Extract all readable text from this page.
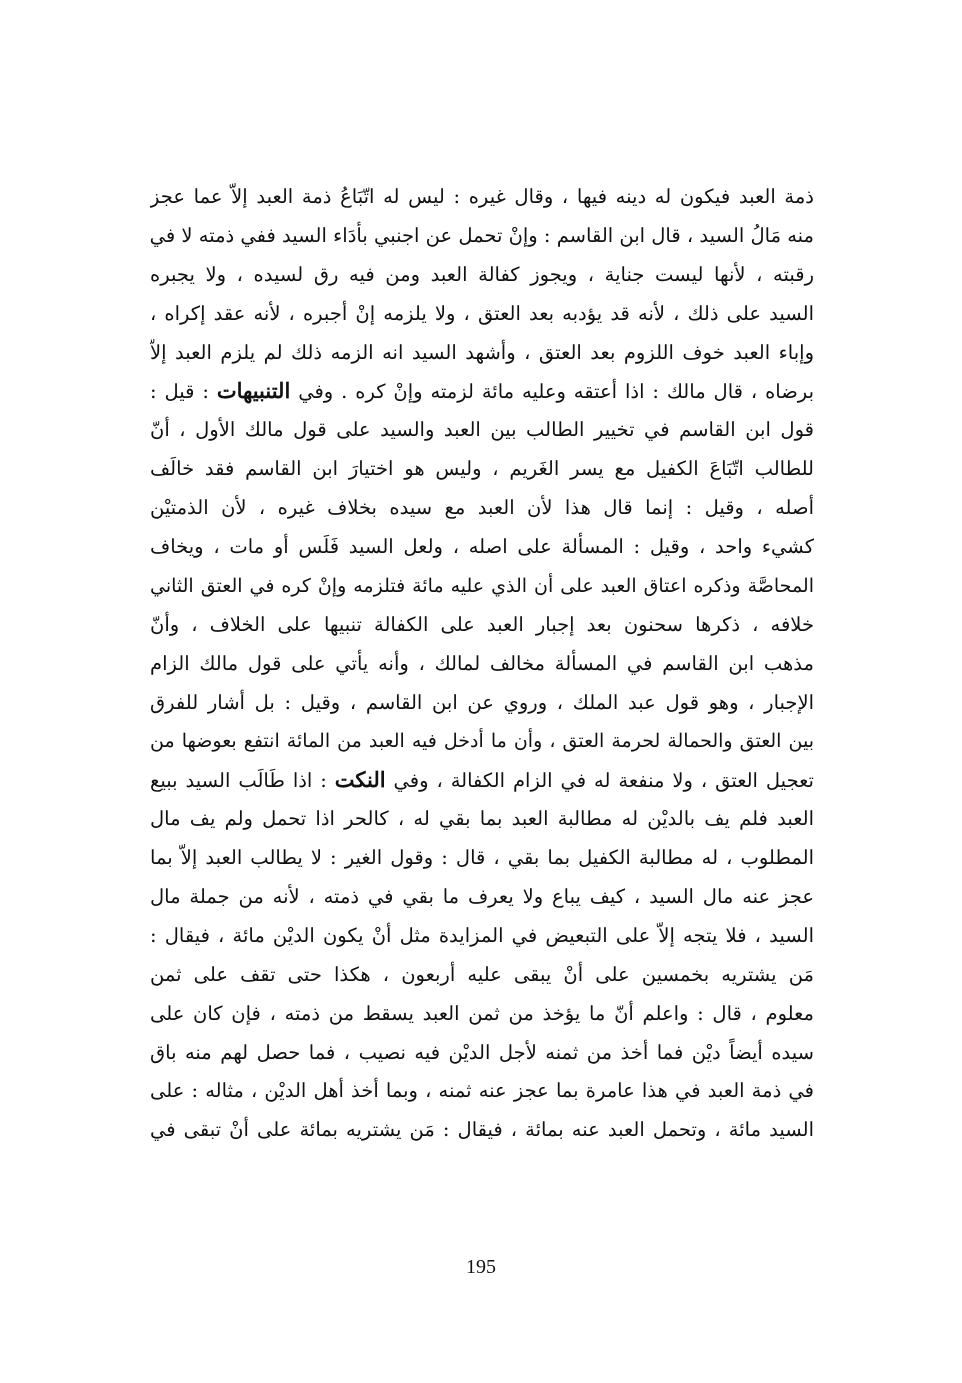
ذمة العبد فيكون له دينه فيها ، وقال غيره : ليس له اتّبَاعُ ذمة العبد إلاّ عما عجز
منه مَالُ السيد ، قال ابن القاسم : وإنْ تحمل عن اجنبي بأدَاء السيد ففي ذمته لا في
رقبته ، لأنها ليست جناية ، ويجوز كفالة العبد ومن فيه رق لسيده ، ولا يجبره
السيد على ذلك ، لأنه قد يؤدبه بعد العتق ، ولا يلزمه إنْ أجبره ، لأنه عقد إكراه ،
وإباء العبد خوف اللزوم بعد العتق ، وأشهد السيد انه الزمه ذلك لم يلزم العبد إلاّ
برضاه ، قال مالك : اذا أعتقه وعليه مائة لزمته وإنْ كره . وفي التنبيهات : قيل :
قول ابن القاسم في تخيير الطالب بين العبد والسيد على قول مالك الأول ، أنّ
للطالب اتّبَاعَ الكفيل مع يسر الغَريم ، وليس هو اختيارَ ابن القاسم فقد خالَف
أصله ، وقيل : إنما قال هذا لأن العبد مع سيده بخلاف غيره ، لأن الذمتيْن
كشيء واحد ، وقيل : المسألة على اصله ، ولعل السيد فَلَس أو مات ، ويخاف
المحاصَّة وذكره اعتاق العبد على أن الذي عليه مائة فتلزمه وإنْ كره في العتق الثاني
خلافه ، ذكرها سحنون بعد إجبار العبد على الكفالة تنبيها على الخلاف ، وأنّ
مذهب ابن القاسم في المسألة مخالف لمالك ، وأنه يأتي على قول مالك الزام
الإجبار ، وهو قول عبد الملك ، وروي عن ابن القاسم ، وقيل : بل أشار للفرق
بين العتق والحمالة لحرمة العتق ، وأن ما أدخل فيه العبد من المائة انتفع بعوضها من
تعجيل العتق ، ولا منفعة له في الزام الكفالة ، وفي النكت : اذا طَالَب السيد ببيع
العبد فلم يف بالديْن له مطالبة العبد بما بقي له ، كالحر اذا تحمل ولم يف مال
المطلوب ، له مطالبة الكفيل بما بقي ، قال : وقول الغير : لا يطالب العبد إلاّ بما
عجز عنه مال السيد ، كيف يباع ولا يعرف ما بقي في ذمته ، لأنه من جملة مال
السيد ، فلا يتجه إلاّ على التبعيض في المزايدة مثل أنْ يكون الديْن مائة ، فيقال :
مَن يشتريه بخمسين على أنْ يبقى عليه أربعون ، هكذا حتى تقف على ثمن
معلوم ، قال : واعلم أنّ ما يؤخذ من ثمن العبد يسقط من ذمته ، فإن كان على
سيده أيضاً ديْن فما أخذ من ثمنه لأجل الديْن فيه نصيب ، فما حصل لهم منه باق
في ذمة العبد في هذا عامرة بما عجز عنه ثمنه ، وبما أخذ أهل الديْن ، مثاله : على
السيد مائة ، وتحمل العبد عنه بمائة ، فيقال : مَن يشتريه بمائة على أنْ تبقى في
195
